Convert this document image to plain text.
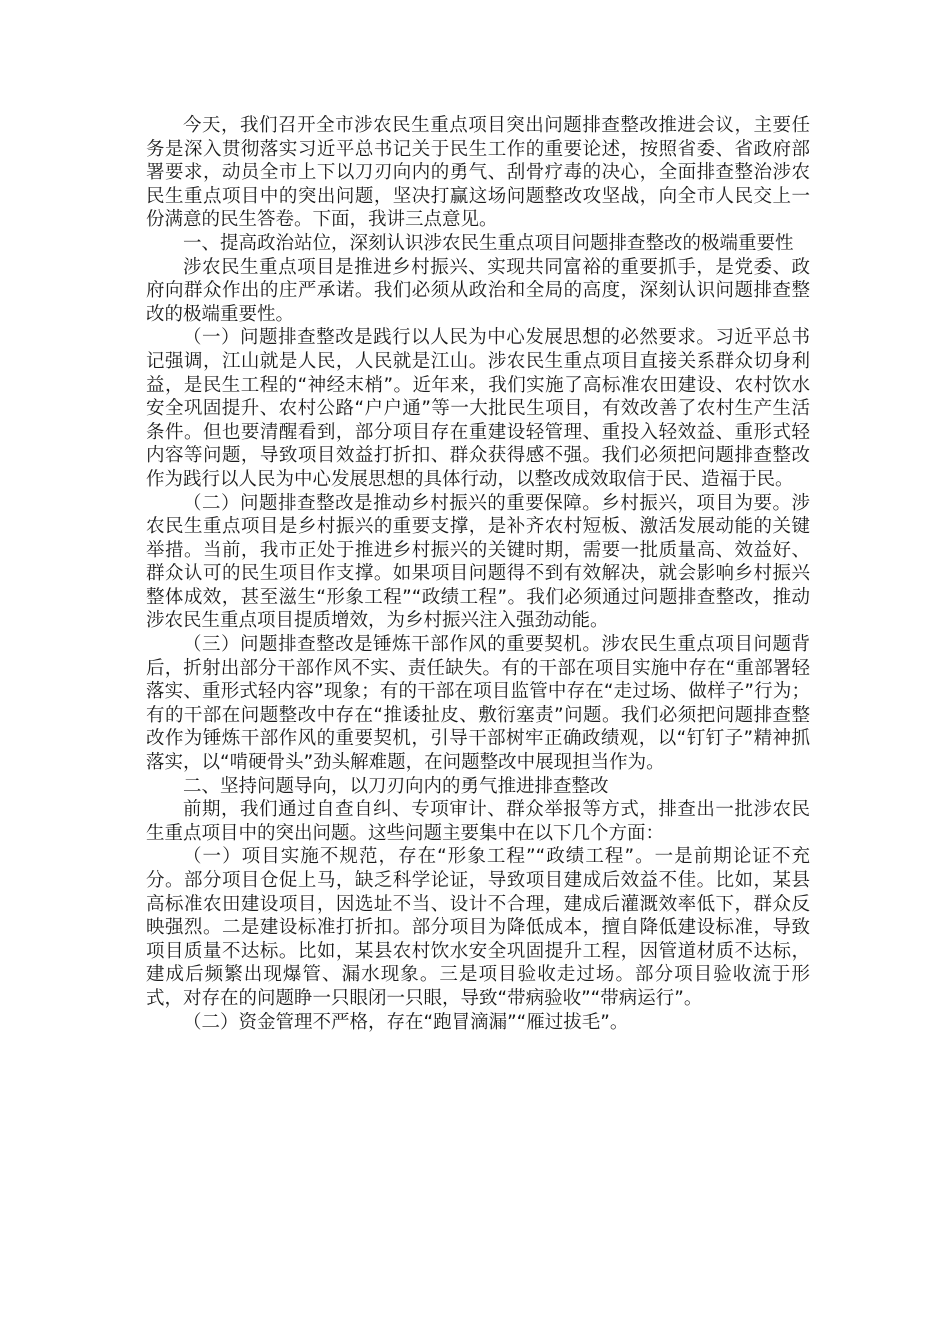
今天，我们召开全市涉农民生重点项目突出问题排查整改推进会议，主要任务是深入贯彻落实习近平总书记关于民生工作的重要论述，按照省委、省政府部署要求，动员全市上下以刀刃向内的勇气、刮骨疗毒的决心，全面排查整治涉农民生重点项目中的突出问题，坚决打赢这场问题整改攻坚战，向全市人民交上一份满意的民生答卷。下面，我讲三点意见。

一、提高政治站位，深刻认识涉农民生重点项目问题排查整改的极端重要性

涉农民生重点项目是推进乡村振兴、实现共同富裕的重要抓手，是党委、政府向群众作出的庄严承诺。我们必须从政治和全局的高度，深刻认识问题排查整改的极端重要性。

（一）问题排查整改是践行以人民为中心发展思想的必然要求。习近平总书记强调，江山就是人民，人民就是江山。涉农民生重点项目直接关系群众切身利益，是民生工程的“神经末梢”。近年来，我们实施了高标准农田建设、农村饮水安全巩固提升、农村公路“户户通”等一大批民生项目，有效改善了农村生产生活条件。但也要清醒看到，部分项目存在重建设轻管理、重投入轻效益、重形式轻内容等问题，导致项目效益打折扣、群众获得感不强。我们必须把问题排查整改作为践行以人民为中心发展思想的具体行动，以整改成效取信于民、造福于民。

（二）问题排查整改是推动乡村振兴的重要保障。乡村振兴，项目为要。涉农民生重点项目是乡村振兴的重要支撑，是补齐农村短板、激活发展动能的关键举措。当前，我市正处于推进乡村振兴的关键时期，需要一批质量高、效益好、群众认可的民生项目作支撑。如果项目问题得不到有效解决，就会影响乡村振兴整体成效，甚至滋生“形象工程”“政绩工程”。我们必须通过问题排查整改，推动涉农民生重点项目提质增效，为乡村振兴注入强劲动能。

（三）问题排查整改是锤炼干部作风的重要契机。涉农民生重点项目问题背后，折射出部分干部作风不实、责任缺失。有的干部在项目实施中存在“重部署轻落实、重形式轻内容”现象；有的干部在项目监管中存在“走过场、做样子”行为；有的干部在问题整改中存在“推诿扯皮、敷衍塞责”问题。我们必须把问题排查整改作为锤炼干部作风的重要契机，引导干部树牢正确政绩观，以“钉钉子”精神抓落实，以“啃硬骨头”劲头解难题，在问题整改中展现担当作为。

二、坚持问题导向，以刀刃向内的勇气推进排查整改

前期，我们通过自查自纠、专项审计、群众举报等方式，排查出一批涉农民生重点项目中的突出问题。这些问题主要集中在以下几个方面：

（一）项目实施不规范，存在“形象工程”“政绩工程”。一是前期论证不充分。部分项目仓促上马，缺乏科学论证，导致项目建成后效益不佳。比如，某县高标准农田建设项目，因选址不当、设计不合理，建成后灌溉效率低下，群众反映强烈。二是建设标准打折扣。部分项目为降低成本，擅自降低建设标准，导致项目质量不达标。比如，某县农村饮水安全巩固提升工程，因管道材质不达标，建成后频繁出现爆管、漏水现象。三是项目验收走过场。部分项目验收流于形式，对存在的问题睁一只眼闭一只眼，导致“带病验收”“带病运行”。

（二）资金管理不严格，存在“跑冒滴漏”“雁过拔毛”。
